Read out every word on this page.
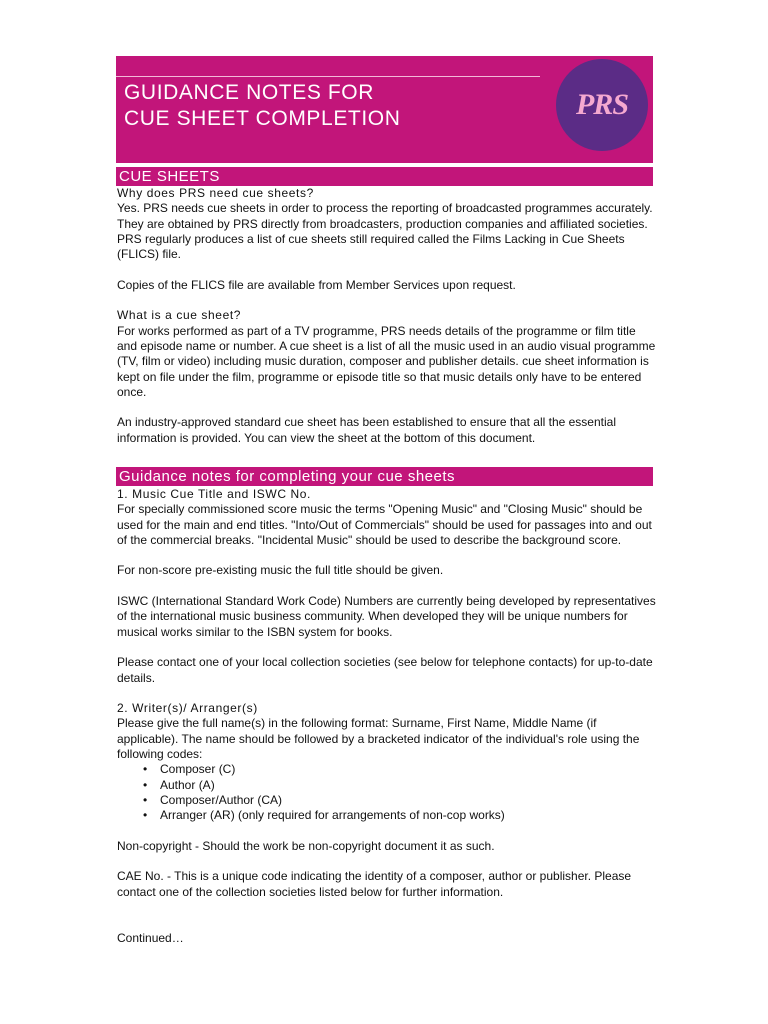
GUIDANCE NOTES FOR
CUE SHEET COMPLETION	PRS
CUE SHEETS

Why does PRS need cue sheets?

Yes. PRS needs cue sheets in order to process the reporting of broadcasted programmes accurately. They are obtained by PRS directly from broadcasters, production companies and affiliated societies. PRS regularly produces a list of cue sheets still required called the Films Lacking in Cue Sheets (FLICS) file.

Copies of the FLICS file are available from Member Services upon request.

What is a cue sheet?

For works performed as part of a TV programme, PRS needs details of the programme or film title and episode name or number. A cue sheet is a list of all the music used in an audio visual programme (TV, film or video) including music duration, composer and publisher details. cue sheet information is kept on file under the film, programme or episode title so that music details only have to be entered once.

An industry-approved standard cue sheet has been established to ensure that all the essential information is provided. You can view the sheet at the bottom of this document.

Guidance notes for completing your cue sheets

1. Music Cue Title and ISWC No.

For specially commissioned score music the terms "Opening Music" and "Closing Music" should be used for the main and end titles. "Into/Out of Commercials" should be used for passages into and out of the commercial breaks. "Incidental Music" should be used to describe the background score.

For non-score pre-existing music the full title should be given.

ISWC (International Standard Work Code) Numbers are currently being developed by representatives of the international music business community. When developed they will be unique numbers for musical works similar to the ISBN system for books.

Please contact one of your local collection societies (see below for telephone contacts) for up-to-date details.

2. Writer(s)/ Arranger(s)

Please give the full name(s) in the following format: Surname, First Name, Middle Name (if applicable). The name should be followed by a bracketed indicator of the individual's role using the following codes:

• Composer (C)
• Author (A)
• Composer/Author (CA)
• Arranger (AR) (only required for arrangements of non-cop works)

Non-copyright - Should the work be non-copyright document it as such.

CAE No. - This is a unique code indicating the identity of a composer, author or publisher. Please contact one of the collection societies listed below for further information.

Continued…
